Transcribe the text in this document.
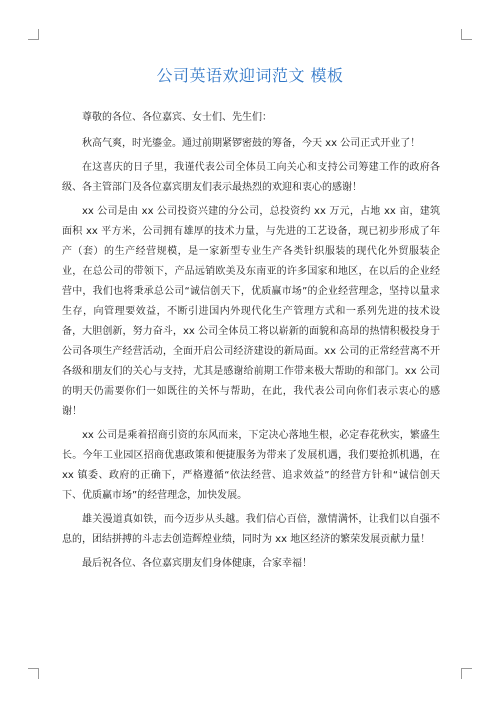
公司英语欢迎词范文 模板

尊敬的各位、各位嘉宾、女士们、先生们：

秋高气爽，时光鎏金。通过前期紧锣密鼓的筹备，今天 xx 公司正式开业了！

在这喜庆的日子里，我谨代表公司全体员工向关心和支持公司筹建工作的政府各级、各主管部门及各位嘉宾朋友们表示最热烈的欢迎和衷心的感谢！

xx 公司是由 xx 公司投资兴建的分公司，总投资约 xx 万元，占地 xx 亩，建筑面积 xx 平方米，公司拥有雄厚的技术力量，与先进的工艺设备，现已初步形成了年产（套）的生产经营规模，是一家新型专业生产各类针织服装的现代化外贸服装企业，在总公司的带领下，产品远销欧美及东南亚的许多国家和地区，在以后的企业经营中，我们也将秉承总公司“诚信创天下，优质赢市场”的企业经营理念，坚持以量求生存，向管理要效益，不断引进国内外现代化生产管理方式和一系列先进的技术设备，大胆创新，努力奋斗，xx 公司全体员工将以崭新的面貌和高昂的热情积极投身于公司各项生产经营活动，全面开启公司经济建设的新局面。xx 公司的正常经营离不开各级和朋友们的关心与支持，尤其是感谢给前期工作带来极大帮助的和部门。xx 公司的明天仍需要你们一如既往的关怀与帮助，在此，我代表公司向你们表示衷心的感谢！

xx 公司是乘着招商引资的东风而来，下定决心落地生根，必定春花秋实，繁盛生长。今年工业园区招商优惠政策和便捷服务为带来了发展机遇，我们要抢抓机遇，在 xx 镇委、政府的正确下，严格遵循“依法经营、追求效益”的经营方针和“诚信创天下、优质赢市场”的经营理念，加快发展。

雄关漫道真如铁，而今迈步从头越。我们信心百倍，激情满怀，让我们以自强不息的，团结拼搏的斗志去创造辉煌业绩，同时为 xx 地区经济的繁荣发展贡献力量！

最后祝各位、各位嘉宾朋友们身体健康，合家幸福！
